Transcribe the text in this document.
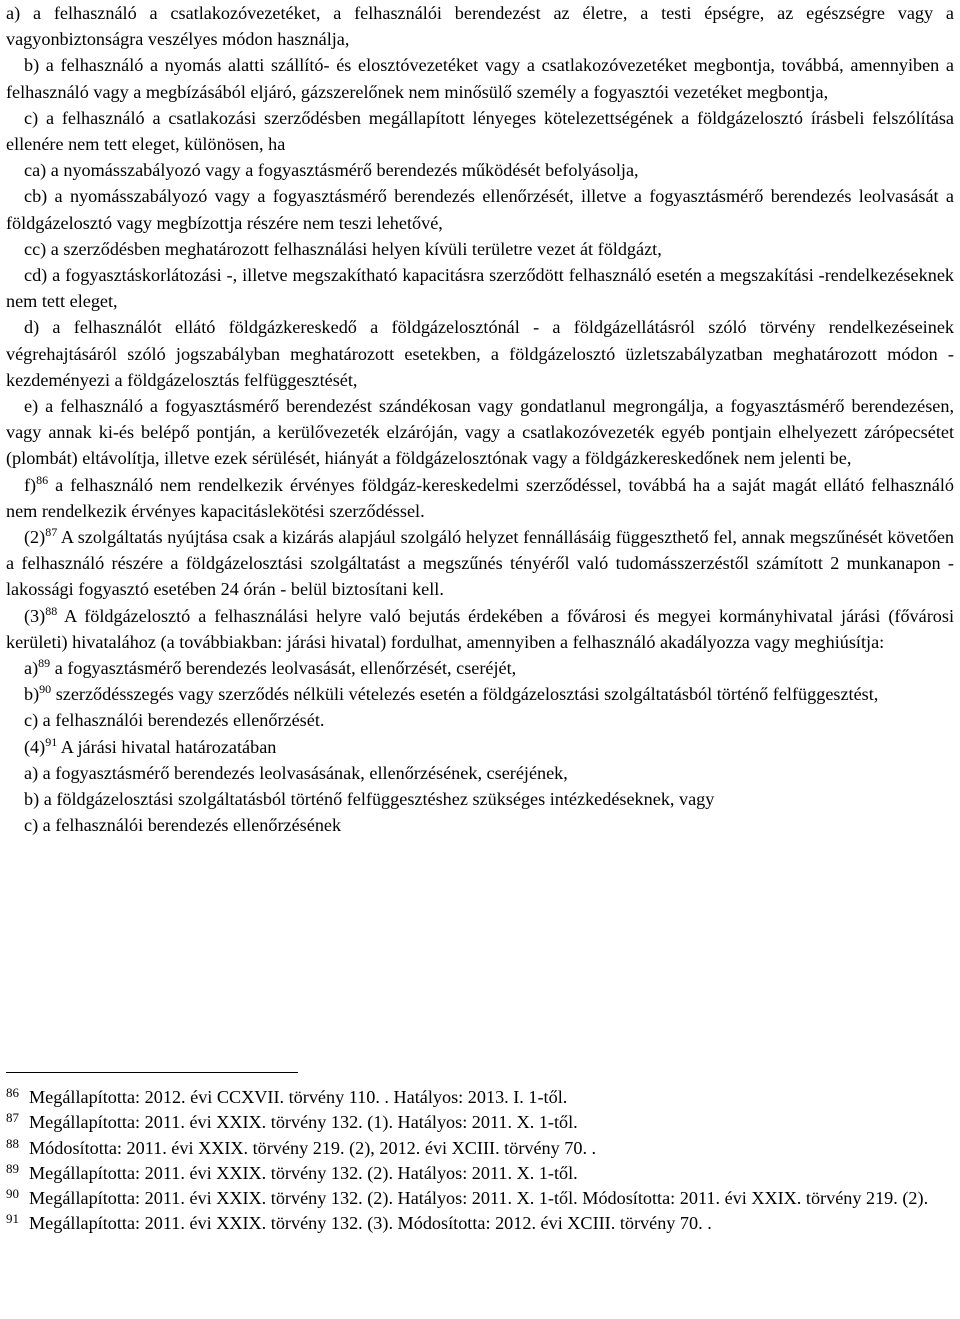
a) a felhasználó a csatlakozóvezetéket, a felhasználói berendezést az életre, a testi épségre, az egészségre vagy a vagyonbiztonságra veszélyes módon használja,

b) a felhasználó a nyomás alatti szállító- és elosztóvezetéket vagy a csatlakozóvezetéket megbontja, továbbá, amennyiben a felhasználó vagy a megbízásából eljáró, gázszerelőnek nem minősülő személy a fogyasztói vezetéket megbontja,

c) a felhasználó a csatlakozási szerződésben megállapított lényeges kötelezettségének a földgázelosztó írásbeli felszólítása ellenére nem tett eleget, különösen, ha

ca) a nyomásszabályozó vagy a fogyasztásmérő berendezés működését befolyásolja,

cb) a nyomásszabályozó vagy a fogyasztásmérő berendezés ellenőrzését, illetve a fogyasztásmérő berendezés leolvasását a földgázelosztó vagy megbízottja részére nem teszi lehetővé,

cc) a szerződésben meghatározott felhasználási helyen kívüli területre vezet át földgázt,

cd) a fogyasztáskorlátozási -, illetve megszakítható kapacitásra szerződött felhasználó esetén a megszakítási -rendelkezéseknek nem tett eleget,

d) a felhasználót ellátó földgázkereskedő a földgázelosztónál - a földgázellátásról szóló törvény rendelkezéseinek végrehajtásáról szóló jogszabályban meghatározott esetekben, a földgázelosztó üzletszabályzatban meghatározott módon - kezdeményezi a földgázelosztás felfüggesztését,

e) a felhasználó a fogyasztásmérő berendezést szándékosan vagy gondatlanul megrongálja, a fogyasztásmérő berendezésen, vagy annak ki-és belépő pontján, a kerülővezeték elzáróján, vagy a csatlakozóvezeték egyéb pontjain elhelyezett zárópecsétet (plombát) eltávolítja, illetve ezek sérülését, hiányát a földgázelosztónak vagy a földgázkereskedőnek nem jelenti be,

f)$^{86}$ a felhasználó nem rendelkezik érvényes földgáz-kereskedelmi szerződéssel, továbbá ha a saját magát ellátó felhasználó nem rendelkezik érvényes kapacitáslekötési szerződéssel.

$(2)^{87}$ A szolgáltatás nyújtása csak a kizárás alapjául szolgáló helyzet fennállásáig függeszthető fel, annak megszűnését követően a felhasználó részére a földgázelosztási szolgáltatást a megszűnés tényéről való tudomásszerzéstől számított 2 munkanapon - lakossági fogyasztó esetében 24 órán - belül biztosítani kell.

$(3)^{88}$ A földgázelosztó a felhasználási helyre való bejutás érdekében a fővárosi és megyei kormányhivatal járási (fővárosi kerületi) hivatalához (a továbbiakban: járási hivatal) fordulhat, amennyiben a felhasználó akadályozza vagy meghiúsítja:

a)$^{89}$ a fogyasztásmérő berendezés leolvasását, ellenőrzését, cseréjét,

b)$^{90}$ szerződésszegés vagy szerződés nélküli vételezés esetén a földgázelosztási szolgáltatásból történő felfüggesztést,

c) a felhasználói berendezés ellenőrzését.

$(4)^{91}$ A járási hivatal határozatában

a) a fogyasztásmérő berendezés leolvasásának, ellenőrzésének, cseréjének,

b) a földgázelosztási szolgáltatásból történő felfüggesztéshez szükséges intézkedéseknek, vagy

c) a felhasználói berendezés ellenőrzésének

$^{86}$ Megállapította: 2012. évi CCXVII. törvény 110. . Hatályos: 2013. I. 1-től.

$^{87}$ Megállapította: 2011. évi XXIX. törvény 132. (1). Hatályos: 2011. X. 1-től.

$^{88}$ Módosította: 2011. évi XXIX. törvény 219. (2), 2012. évi XCIII. törvény 70. .

$^{89}$ Megállapította: 2011. évi XXIX. törvény 132. (2). Hatályos: 2011. X. 1-től.

$^{90}$ Megállapította: 2011. évi XXIX. törvény 132. (2). Hatályos: 2011. X. 1-től. Módosította: 2011. évi XXIX. törvény 219. (2).

$^{91}$ Megállapította: 2011. évi XXIX. törvény 132. (3). Módosította: 2012. évi XCIII. törvény 70. .
